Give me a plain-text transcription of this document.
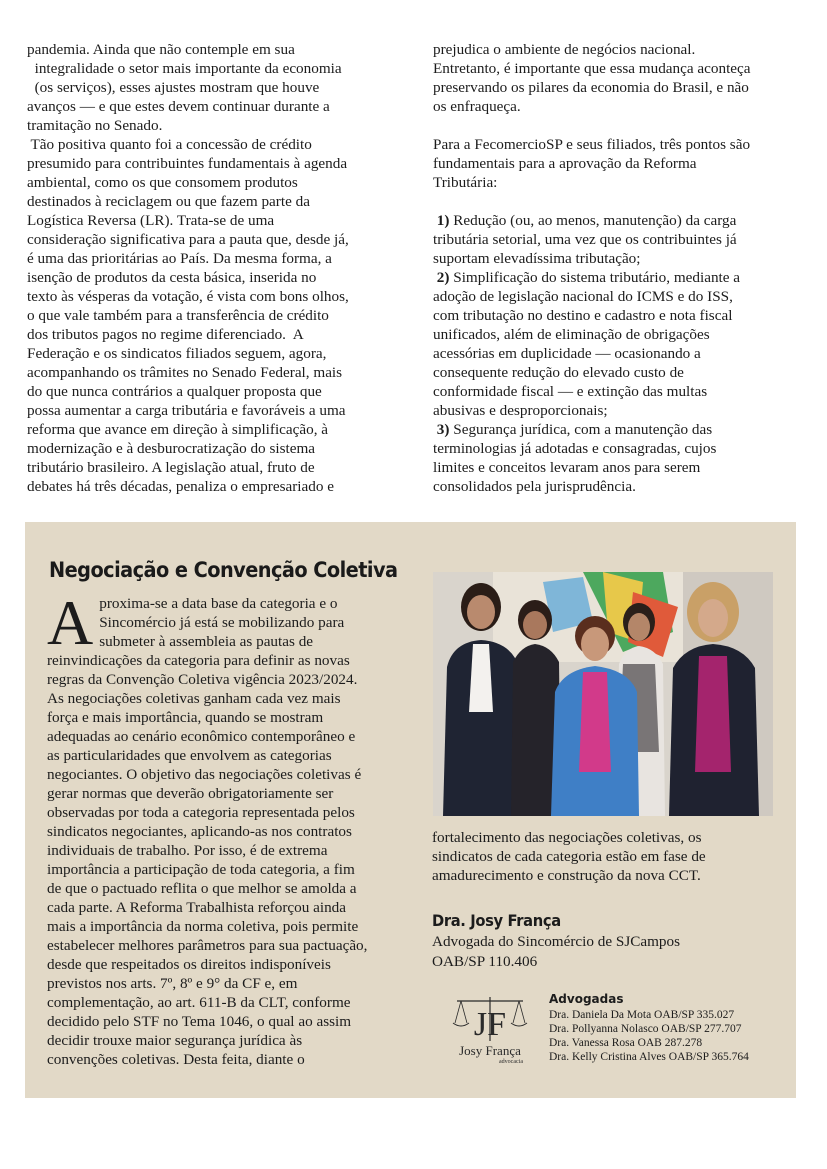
pandemia. Ainda que não contemple em sua
integralidade o setor mais importante da economia
(os serviços), esses ajustes mostram que houve
avanços — e que estes devem continuar durante a
tramitação no Senado.
Tão positiva quanto foi a concessão de crédito
presumido para contribuintes fundamentais à agenda
ambiental, como os que consomem produtos
destinados à reciclagem ou que fazem parte da
Logística Reversa (LR). Trata-se de uma
consideração significativa para a pauta que, desde já,
é uma das prioritárias ao País. Da mesma forma, a
isenção de produtos da cesta básica, inserida no
texto às vésperas da votação, é vista com bons olhos,
o que vale também para a transferência de crédito
dos tributos pagos no regime diferenciado.  A
Federação e os sindicatos filiados seguem, agora,
acompanhando os trâmites no Senado Federal, mais
do que nunca contrários a qualquer proposta que
possa aumentar a carga tributária e favoráveis a uma
reforma que avance em direção à simplificação, à
modernização e à desburocratização do sistema
tributário brasileiro. A legislação atual, fruto de
debates há três décadas, penaliza o empresariado e
prejudica o ambiente de negócios nacional.
Entretanto, é importante que essa mudança aconteça
preservando os pilares da economia do Brasil, e não
os enfraqueça.
Para a FecomercioSP e seus filiados, três pontos são
fundamentais para a aprovação da Reforma
Tributária:
1) Redução (ou, ao menos, manutenção) da carga
tributária setorial, uma vez que os contribuintes já
suportam elevadíssima tributação;
2) Simplificação do sistema tributário, mediante a
adoção de legislação nacional do ICMS e do ISS,
com tributação no destino e cadastro e nota fiscal
unificados, além de eliminação de obrigações
acessórias em duplicidade — ocasionando a
consequente redução do elevado custo de
conformidade fiscal — e extinção das multas
abusivas e desproporcionais;
3) Segurança jurídica, com a manutenção das
terminologias já adotadas e consagradas, cujos
limites e conceitos levaram anos para serem
consolidados pela jurisprudência.
Negociação e Convenção Coletiva
A proxima-se a data base da categoria e o
Sincomércio já está se mobilizando para
submeter à assembleia as pautas de
reinvindicações da categoria para definir as novas
regras da Convenção Coletiva vigência 2023/2024.
As negociações coletivas ganham cada vez mais
força e mais importância, quando se mostram
adequadas ao cenário econômico contemporâneo e
as particularidades que envolvem as categorias
negociantes. O objetivo das negociações coletivas é
gerar normas que deverão obrigatoriamente ser
observadas por toda a categoria representada pelos
sindicatos negociantes, aplicando-as nos contratos
individuais de trabalho. Por isso, é de extrema
importância a participação de toda categoria, a fim
de que o pactuado reflita o que melhor se amolda a
cada parte. A Reforma Trabalhista reforçou ainda
mais a importância da norma coletiva, pois permite
estabelecer melhores parâmetros para sua pactuação,
desde que respeitados os direitos indisponíveis
previstos nos arts. 7º, 8º e 9° da CF e, em
complementação, ao art. 611-B da CLT, conforme
decidido pelo STF no Tema 1046, o qual ao assim
decidir trouxe maior segurança jurídica às
convenções coletivas. Desta feita, diante o
fortalecimento das negociações coletivas, os
sindicatos de cada categoria estão em fase de
amadurecimento e construção da nova CCT.
Dra. Josy França
Advogada do Sincomércio de SJCampos
OAB/SP 110.406
JF
Josy França
advocacia
Advogadas
Dra. Daniela Da Mota OAB/SP 335.027
Dra. Pollyanna Nolasco OAB/SP 277.707
Dra. Vanessa Rosa OAB 287.278
Dra. Kelly Cristina Alves OAB/SP 365.764
